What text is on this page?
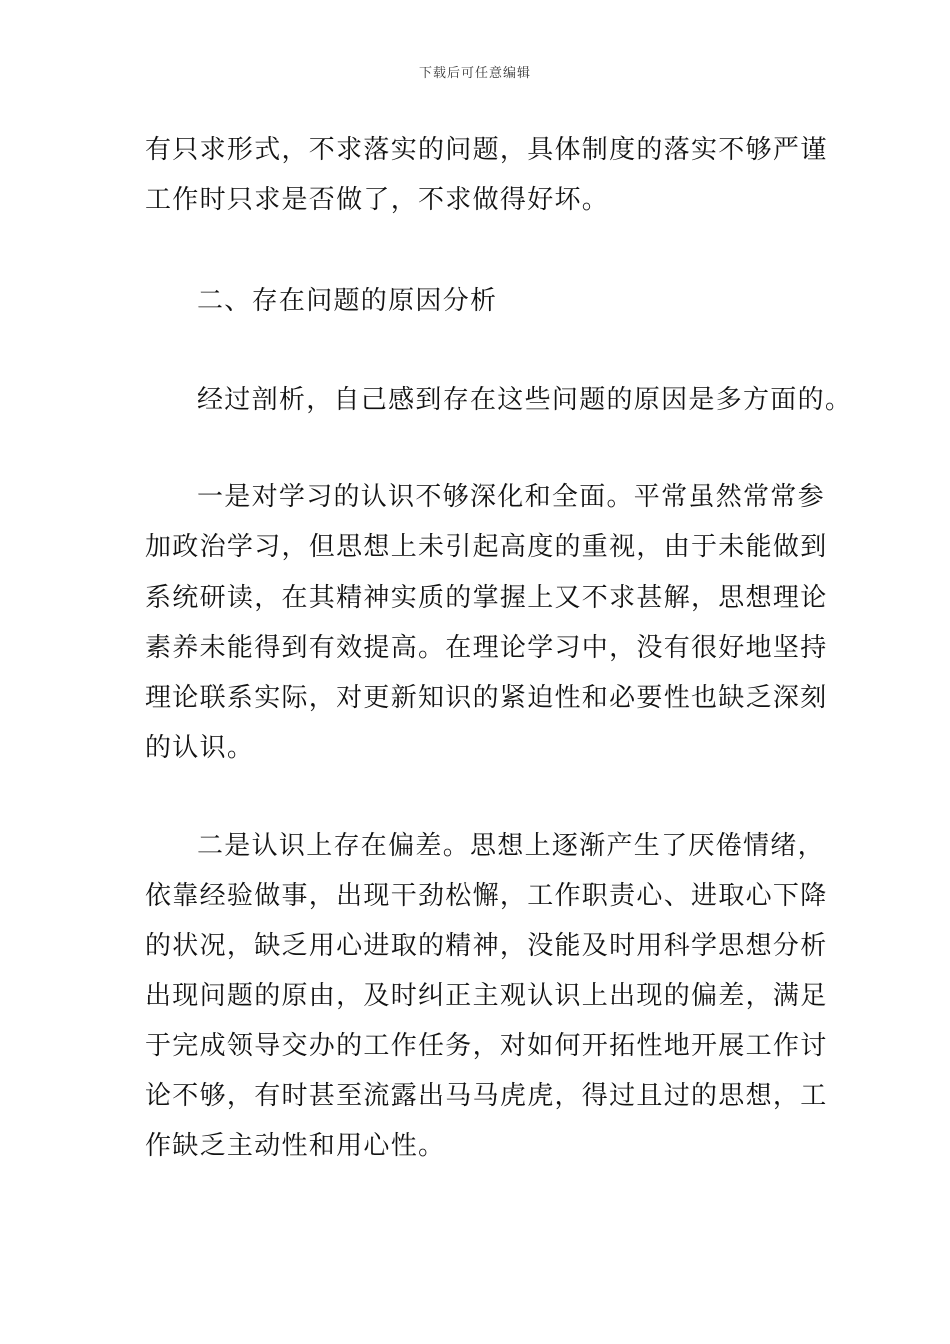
下载后可任意编辑
有只求形式，不求落实的问题，具体制度的落实不够严谨
工作时只求是否做了，不求做得好坏。
二、存在问题的原因分析
经过剖析，自己感到存在这些问题的原因是多方面的。
一是对学习的认识不够深化和全面。平常虽然常常参
加政治学习，但思想上未引起高度的重视，由于未能做到
系统研读，在其精神实质的掌握上又不求甚解，思想理论
素养未能得到有效提高。在理论学习中，没有很好地坚持
理论联系实际，对更新知识的紧迫性和必要性也缺乏深刻
的认识。
二是认识上存在偏差。思想上逐渐产生了厌倦情绪，
依靠经验做事，出现干劲松懈，工作职责心、进取心下降
的状况，缺乏用心进取的精神，没能及时用科学思想分析
出现问题的原由，及时纠正主观认识上出现的偏差，满足
于完成领导交办的工作任务，对如何开拓性地开展工作讨
论不够，有时甚至流露出马马虎虎，得过且过的思想，工
作缺乏主动性和用心性。
